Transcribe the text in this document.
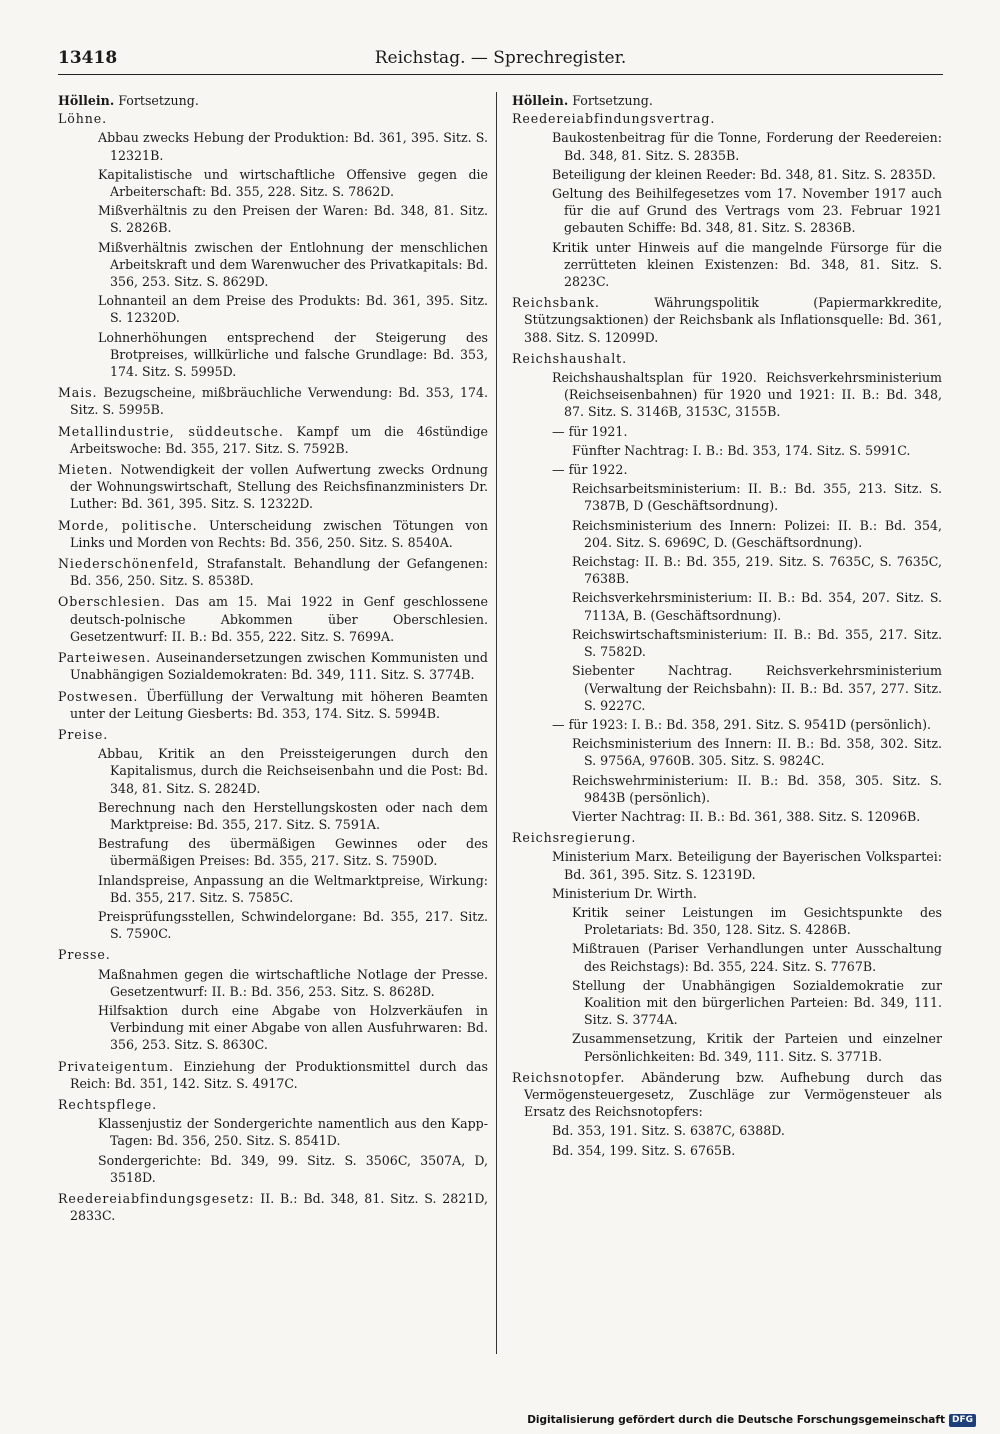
13418	Reichstag. — Sprechregister.

Höllein. Fortsetzung.

Löhne.

Abbau zwecks Hebung der Produktion: Bd. 361, 395. Sitz. S. 12321B.

Kapitalistische und wirtschaftliche Offensive gegen die Arbeiterschaft: Bd. 355, 228. Sitz. S. 7862D.

Mißverhältnis zu den Preisen der Waren: Bd. 348, 81. Sitz. S. 2826B.

Mißverhältnis zwischen der Entlohnung der menschlichen Arbeitskraft und dem Warenwucher des Privatkapitals: Bd. 356, 253. Sitz. S. 8629D.

Lohnanteil an dem Preise des Produkts: Bd. 361, 395. Sitz. S. 12320D.

Lohnerhöhungen entsprechend der Steigerung des Brotpreises, willkürliche und falsche Grundlage: Bd. 353, 174. Sitz. S. 5995D.

Mais. Bezugscheine, mißbräuchliche Verwendung: Bd. 353, 174. Sitz. S. 5995B.

Metallindustrie, süddeutsche. Kampf um die 46stündige Arbeitswoche: Bd. 355, 217. Sitz. S. 7592B.

Mieten. Notwendigkeit der vollen Aufwertung zwecks Ordnung der Wohnungswirtschaft, Stellung des Reichsfinanzministers Dr. Luther: Bd. 361, 395. Sitz. S. 12322D.

Morde, politische. Unterscheidung zwischen Tötungen von Links und Morden von Rechts: Bd. 356, 250. Sitz. S. 8540A.

Niederschönenfeld, Strafanstalt. Behandlung der Gefangenen: Bd. 356, 250. Sitz. S. 8538D.

Oberschlesien. Das am 15. Mai 1922 in Genf geschlossene deutsch-polnische Abkommen über Oberschlesien. Gesetzentwurf: II. B.: Bd. 355, 222. Sitz. S. 7699A.

Parteiwesen. Auseinandersetzungen zwischen Kommunisten und Unabhängigen Sozialdemokraten: Bd. 349, 111. Sitz. S. 3774B.

Postwesen. Überfüllung der Verwaltung mit höheren Beamten unter der Leitung Giesberts: Bd. 353, 174. Sitz. S. 5994B.

Preise.

Abbau, Kritik an den Preissteigerungen durch den Kapitalismus, durch die Reichseisenbahn und die Post: Bd. 348, 81. Sitz. S. 2824D.

Berechnung nach den Herstellungskosten oder nach dem Marktpreise: Bd. 355, 217. Sitz. S. 7591A.

Bestrafung des übermäßigen Gewinnes oder des übermäßigen Preises: Bd. 355, 217. Sitz. S. 7590D.

Inlandspreise, Anpassung an die Weltmarktpreise, Wirkung: Bd. 355, 217. Sitz. S. 7585C.

Preisprüfungsstellen, Schwindelorgane: Bd. 355, 217. Sitz. S. 7590C.

Presse.

Maßnahmen gegen die wirtschaftliche Notlage der Presse. Gesetzentwurf: II. B.: Bd. 356, 253. Sitz. S. 8628D.

Hilfsaktion durch eine Abgabe von Holzverkäufen in Verbindung mit einer Abgabe von allen Ausfuhrwaren: Bd. 356, 253. Sitz. S. 8630C.

Privateigentum. Einziehung der Produktionsmittel durch das Reich: Bd. 351, 142. Sitz. S. 4917C.

Rechtspflege.

Klassenjustiz der Sondergerichte namentlich aus den Kapp-Tagen: Bd. 356, 250. Sitz. S. 8541D.

Sondergerichte: Bd. 349, 99. Sitz. S. 3506C, 3507A, D, 3518D.

Reedereiabfindungsgesetz: II. B.: Bd. 348, 81. Sitz. S. 2821D, 2833C.

Höllein. Fortsetzung.

Reedereiabfindungsvertrag.

Baukostenbeitrag für die Tonne, Forderung der Reedereien: Bd. 348, 81. Sitz. S. 2835B.

Beteiligung der kleinen Reeder: Bd. 348, 81. Sitz. S. 2835D.

Geltung des Beihilfegesetzes vom 17. November 1917 auch für die auf Grund des Vertrags vom 23. Februar 1921 gebauten Schiffe: Bd. 348, 81. Sitz. S. 2836B.

Kritik unter Hinweis auf die mangelnde Fürsorge für die zerrütteten kleinen Existenzen: Bd. 348, 81. Sitz. S. 2823C.

Reichsbank. Währungspolitik (Papiermarkkredite, Stützungsaktionen) der Reichsbank als Inflationsquelle: Bd. 361, 388. Sitz. S. 12099D.

Reichshaushalt.

Reichshaushaltsplan für 1920. Reichsverkehrsministerium (Reichseisenbahnen) für 1920 und 1921: II. B.: Bd. 348, 87. Sitz. S. 3146B, 3153C, 3155B.

— für 1921.

Fünfter Nachtrag: I. B.: Bd. 353, 174. Sitz. S. 5991C.

— für 1922.

Reichsarbeitsministerium: II. B.: Bd. 355, 213. Sitz. S. 7387B, D (Geschäftsordnung).

Reichsministerium des Innern: Polizei: II. B.: Bd. 354, 204. Sitz. S. 6969C, D. (Geschäftsordnung).

Reichstag: II. B.: Bd. 355, 219. Sitz. S. 7635C, S. 7635C, 7638B.

Reichsverkehrsministerium: II. B.: Bd. 354, 207. Sitz. S. 7113A, B. (Geschäftsordnung).

Reichswirtschaftsministerium: II. B.: Bd. 355, 217. Sitz. S. 7582D.

Siebenter Nachtrag. Reichsverkehrsministerium (Verwaltung der Reichsbahn): II. B.: Bd. 357, 277. Sitz. S. 9227C.

— für 1923: I. B.: Bd. 358, 291. Sitz. S. 9541D (persönlich).

Reichsministerium des Innern: II. B.: Bd. 358, 302. Sitz. S. 9756A, 9760B. 305. Sitz. S. 9824C.

Reichswehrministerium: II. B.: Bd. 358, 305. Sitz. S. 9843B (persönlich).

Vierter Nachtrag: II. B.: Bd. 361, 388. Sitz. S. 12096B.

Reichsregierung.

Ministerium Marx. Beteiligung der Bayerischen Volkspartei: Bd. 361, 395. Sitz. S. 12319D.

Ministerium Dr. Wirth.

Kritik seiner Leistungen im Gesichtspunkte des Proletariats: Bd. 350, 128. Sitz. S. 4286B.

Mißtrauen (Pariser Verhandlungen unter Ausschaltung des Reichstags): Bd. 355, 224. Sitz. S. 7767B.

Stellung der Unabhängigen Sozialdemokratie zur Koalition mit den bürgerlichen Parteien: Bd. 349, 111. Sitz. S. 3774A.

Zusammensetzung, Kritik der Parteien und einzelner Persönlichkeiten: Bd. 349, 111. Sitz. S. 3771B.

Reichsnotopfer. Abänderung bzw. Aufhebung durch das Vermögensteuergesetz, Zuschläge zur Vermögensteuer als Ersatz des Reichsnotopfers:

Bd. 353, 191. Sitz. S. 6387C, 6388D.

Bd. 354, 199. Sitz. S. 6765B.

Digitalisierung gefördert durch die Deutsche Forschungsgemeinschaft DFG
